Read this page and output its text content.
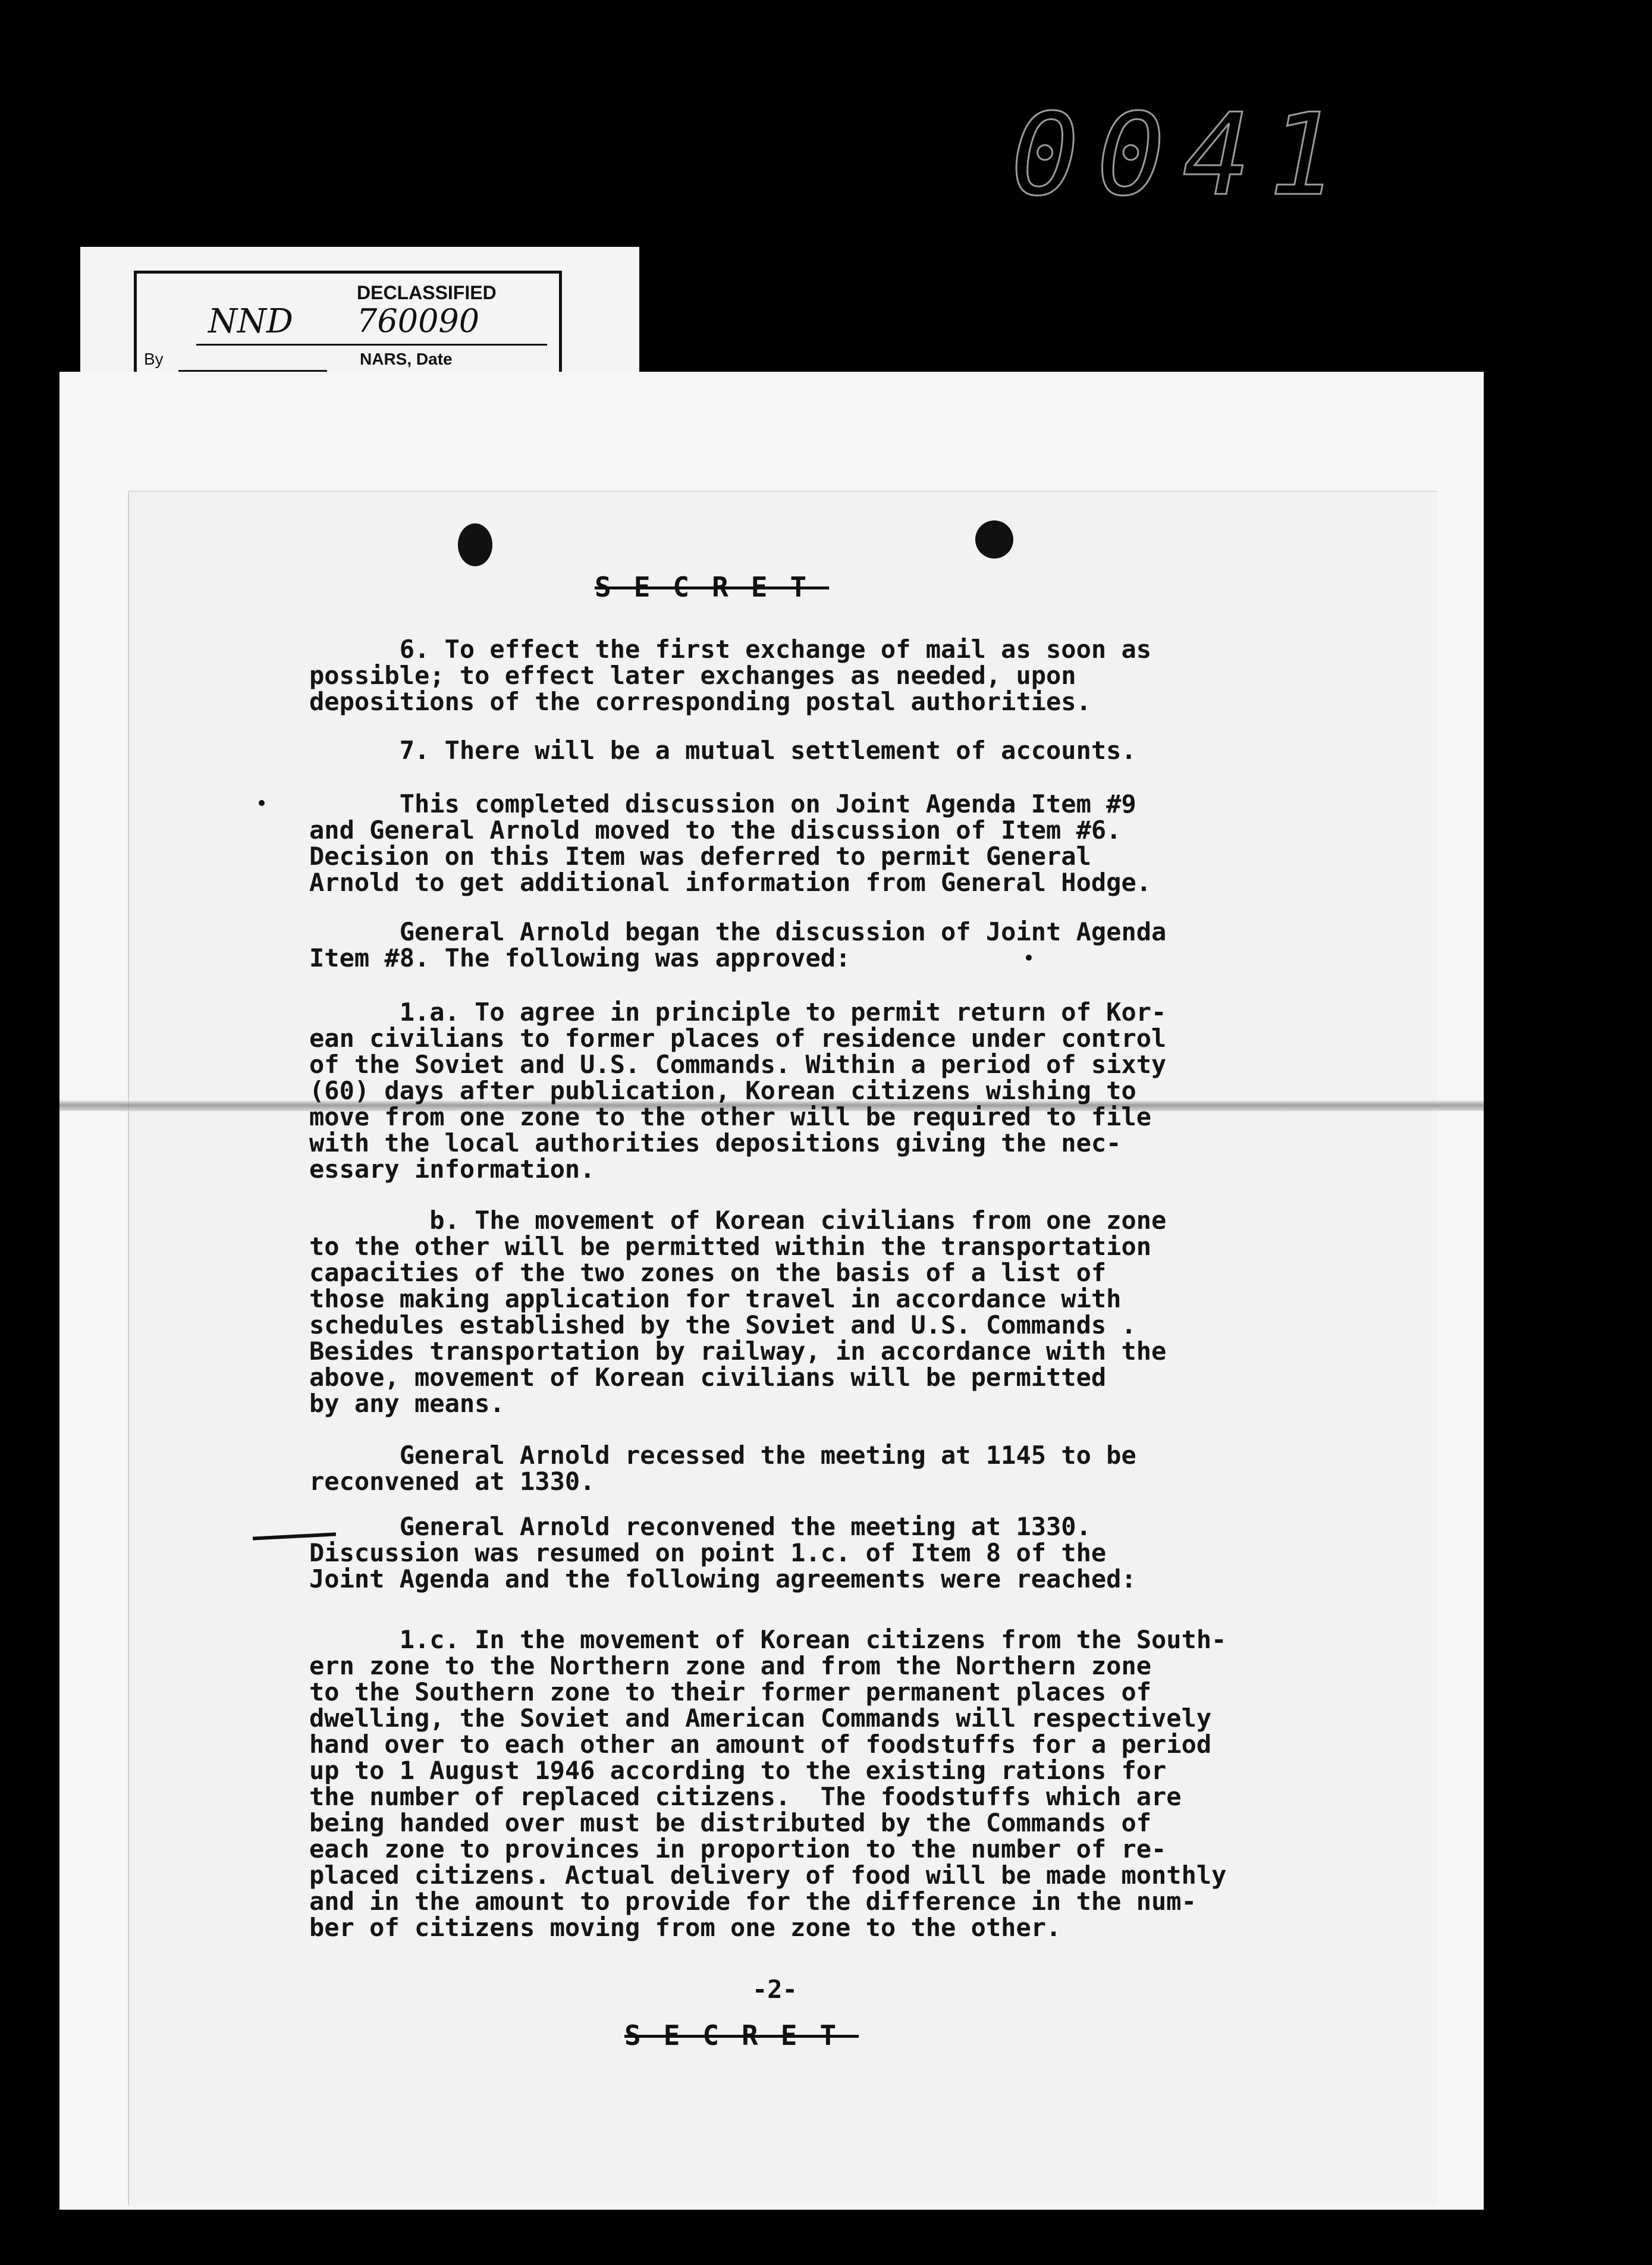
0041
DECLASSIFIED
NND 760090
By	NARS, Date
SECRET
6. To effect the first exchange of mail as soon as
possible; to effect later exchanges as needed, upon
depositions of the corresponding postal authorities.
7. There will be a mutual settlement of accounts.
This completed discussion on Joint Agenda Item #9
and General Arnold moved to the discussion of Item #6.
Decision on this Item was deferred to permit General
Arnold to get additional information from General Hodge.
General Arnold began the discussion of Joint Agenda
Item #8. The following was approved:
1.a. To agree in principle to permit return of Kor-
ean civilians to former places of residence under control
of the Soviet and U.S. Commands. Within a period of sixty
(60) days after publication, Korean citizens wishing to
move from one zone to the other will be required to file
with the local authorities depositions giving the nec-
essary information.
b. The movement of Korean civilians from one zone
to the other will be permitted within the transportation
capacities of the two zones on the basis of a list of
those making application for travel in accordance with
schedules established by the Soviet and U.S. Commands .
Besides transportation by railway, in accordance with the
above, movement of Korean civilians will be permitted
by any means.
General Arnold recessed the meeting at 1145 to be
reconvened at 1330.
General Arnold reconvened the meeting at 1330.
Discussion was resumed on point 1.c. of Item 8 of the
Joint Agenda and the following agreements were reached:
1.c. In the movement of Korean citizens from the South-
ern zone to the Northern zone and from the Northern zone
to the Southern zone to their former permanent places of
dwelling, the Soviet and American Commands will respectively
hand over to each other an amount of foodstuffs for a period
up to 1 August 1946 according to the existing rations for
the number of replaced citizens.  The foodstuffs which are
being handed over must be distributed by the Commands of
each zone to provinces in proportion to the number of re-
placed citizens. Actual delivery of food will be made monthly
and in the amount to provide for the difference in the num-
ber of citizens moving from one zone to the other.
-2-
SECRET
